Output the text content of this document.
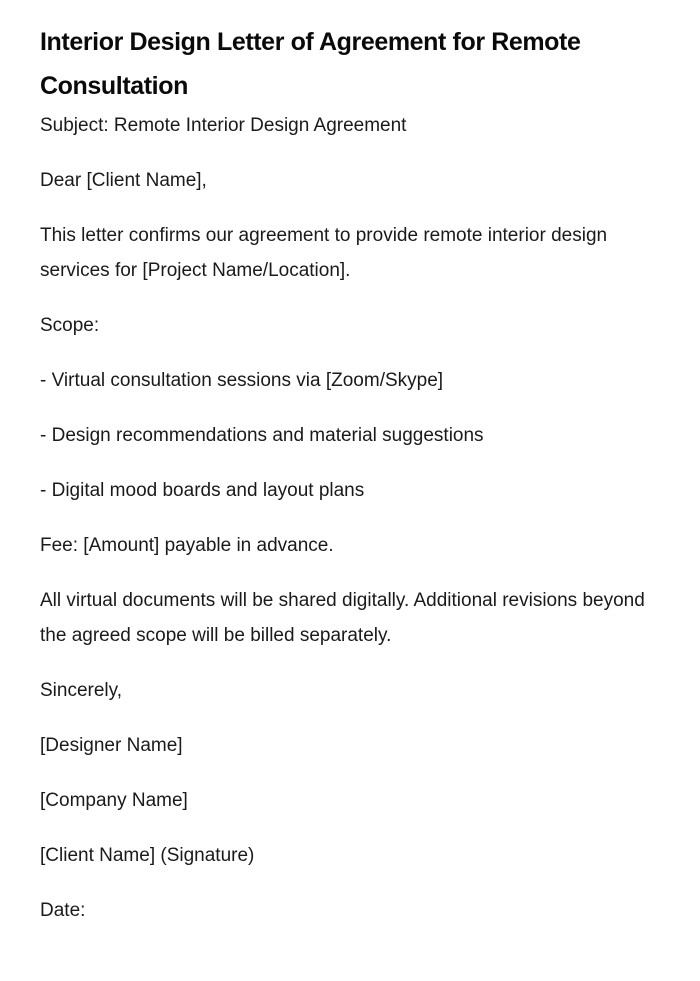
Interior Design Letter of Agreement for Remote Consultation

Subject: Remote Interior Design Agreement

Dear [Client Name],

This letter confirms our agreement to provide remote interior design services for [Project Name/Location].

Scope:

- Virtual consultation sessions via [Zoom/Skype]

- Design recommendations and material suggestions

- Digital mood boards and layout plans

Fee: [Amount] payable in advance.

All virtual documents will be shared digitally. Additional revisions beyond the agreed scope will be billed separately.

Sincerely,

[Designer Name]

[Company Name]

[Client Name] (Signature)

Date:
